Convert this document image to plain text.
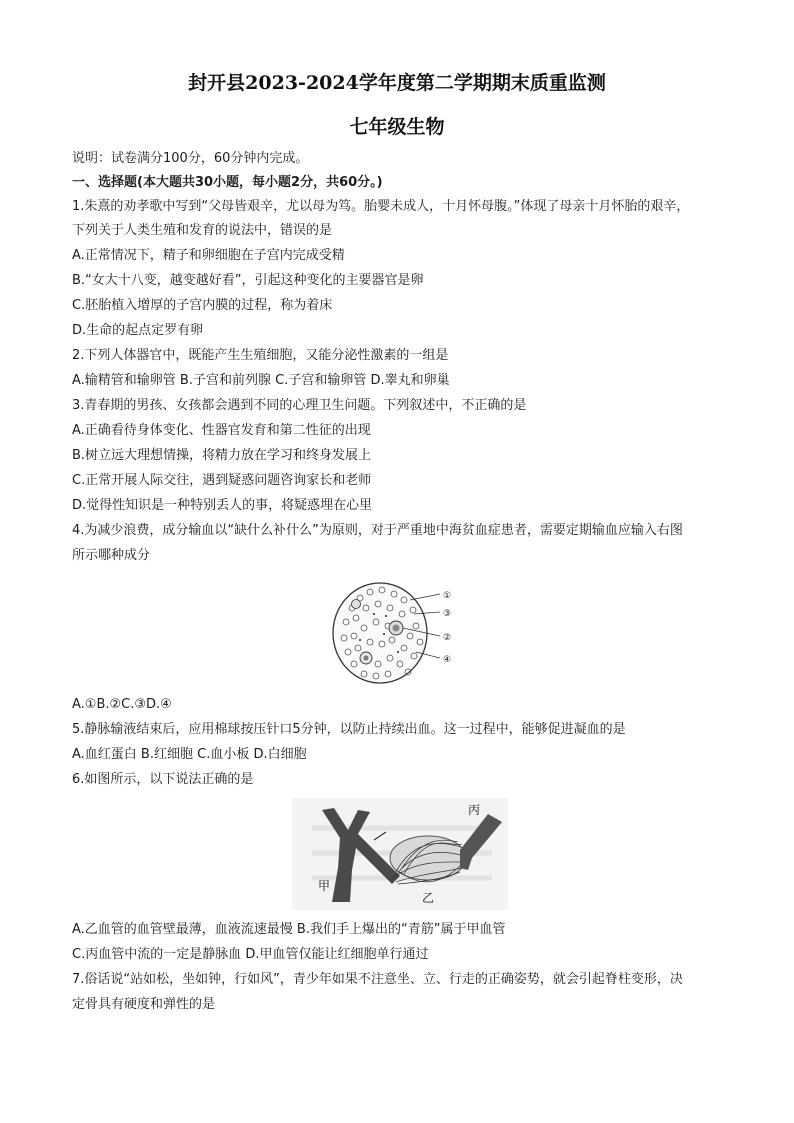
封开县2023-2024学年度第二学期期末质重监测
七年级生物
说明：试卷满分100分，60分钟内完成。
一、选择题(本大题共30小题，每小题2分，共60分。)
1.朱熹的劝孝歌中写到“父母皆艰辛，尤以母为笃。胎婴未成人，十月怀母腹。”体现了母亲十月怀胎的艰辛，
下列关于人类生殖和发育的说法中，错误的是
A.正常情况下，精子和卵细胞在子宫内完成受精
B.“女大十八变，越变越好看”，引起这种变化的主要器官是卵
C.胚胎植入增厚的子宫内膜的过程，称为着床
D.生命的起点定罗有卵
2.下列人体器官中，既能产生生殖细胞，又能分泌性激素的一组是
A.输精管和输卵管 B.子宫和前列腺 C.子宫和输卵管 D.睾丸和卵巢
3.青春期的男孩、女孩都会遇到不同的心理卫生问题。下列叙述中，不正确的是
A.正确看待身体变化、性器官发育和第二性征的出现
B.树立远大理想情操，将精力放在学习和终身发展上
C.正常开展人际交往，遇到疑惑问题咨询家长和老师
D.觉得性知识是一种特别丢人的事，将疑惑埋在心里
4.为减少浪费，成分输血以“缺什么补什么”为原则，对于严重地中海贫血症患者，需要定期输血应输入右图
所示哪种成分
①
③
②
④
A.①B.②C.③D.④
5.静脉输液结束后，应用棉球按压针口5分钟，以防止持续出血。这一过程中，能够促进凝血的是
A.血红蛋白 B.红细胞 C.血小板 D.白细胞
6.如图所示，以下说法正确的是
丙
甲
乙
A.乙血管的血管壁最薄，血液流速最慢 B.我们手上爆出的“青筋”属于甲血管
C.丙血管中流的一定是静脉血 D.甲血管仅能让红细胞单行通过
7.俗话说“站如松，坐如钟，行如风”，青少年如果不注意坐、立、行走的正确姿势，就会引起脊柱变形，决
定骨具有硬度和弹性的是
